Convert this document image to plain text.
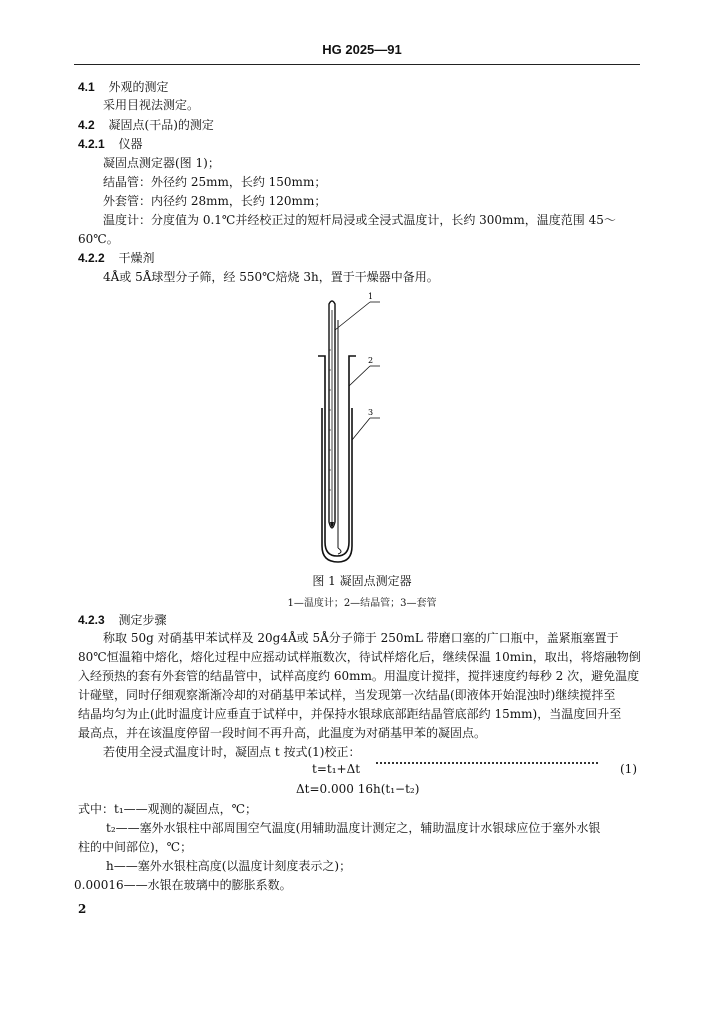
HG 2025—91
4.1 外观的测定
采用目视法测定。
4.2 凝固点(干品)的测定
4.2.1 仪器
凝固点测定器(图 1)；
结晶管：外径约 25mm，长约 150mm；
外套管：内径约 28mm，长约 120mm；
温度计：分度值为 0.1℃并经校正过的短杆局浸或全浸式温度计，长约 300mm，温度范围 45～
60℃。
4.2.2 干燥剂
4Å或 5Å球型分子筛，经 550℃焙烧 3h，置于干燥器中备用。
1
2
3
图 1 凝固点测定器
1—温度计；2—结晶管；3—套管
4.2.3 测定步骤
称取 50g 对硝基甲苯试样及 20g4Å或 5Å分子筛于 250mL 带磨口塞的广口瓶中，盖紧瓶塞置于
80℃恒温箱中熔化，熔化过程中应摇动试样瓶数次，待试样熔化后，继续保温 10min，取出，将熔融物倒
入经预热的套有外套管的结晶管中，试样高度约 60mm。用温度计搅拌，搅拌速度约每秒 2 次，避免温度
计碰壁，同时仔细观察渐渐冷却的对硝基甲苯试样，当发现第一次结晶(即液体开始混浊时)继续搅拌至
结晶均匀为止(此时温度计应垂直于试样中，并保持水银球底部距结晶管底部约 15mm)，当温度回升至
最高点，并在该温度停留一段时间不再升高，此温度为对硝基甲苯的凝固点。
若使用全浸式温度计时，凝固点 t 按式(1)校正：
t=t₁+Δt	(1)
Δt=0.000 16h(t₁−t₂)
式中：t₁——观测的凝固点，℃；
t₂——塞外水银柱中部周围空气温度(用辅助温度计测定之，辅助温度计水银球应位于塞外水银
柱的中间部位)，℃；
h——塞外水银柱高度(以温度计刻度表示之)；
0.00016——水银在玻璃中的膨胀系数。
2
